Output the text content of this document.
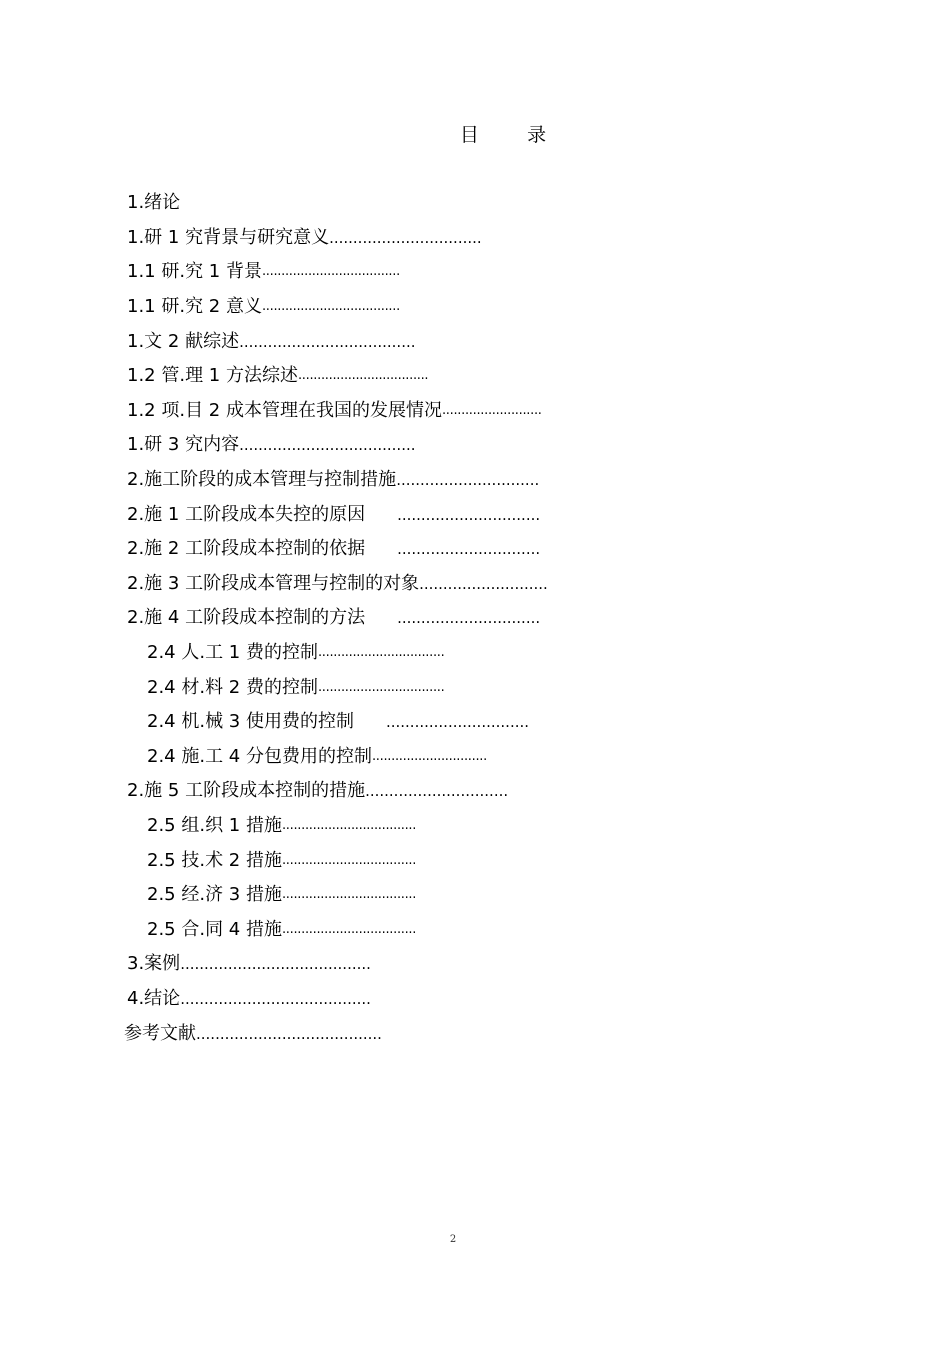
目        录
1.绪论
1.研 1 究背景与研究意义 ................................
1.1 研.究 1 背景 ....................................
1.1 研.究 2 意义 ....................................
1.文 2 献综述 .....................................
1.2 管.理 1 方法综述 ..................................
1.2 项.目 2 成本管理在我国的发展情况 ..........................
1.研 3 究内容 .....................................
2.施工阶段的成本管理与控制措施 ..............................
2.施 1 工阶段成本失控的原因 ..............................
2.施 2 工阶段成本控制的依据 ..............................
2.施 3 工阶段成本管理与控制的对象 ...........................
2.施 4 工阶段成本控制的方法 ..............................
2.4 人.工 1 费的控制 .................................
2.4 材.料 2 费的控制 .................................
2.4 机.械 3 使用费的控制 ..............................
2.4 施.工 4 分包费用的控制 ..............................
2.施 5 工阶段成本控制的措施 ..............................
2.5 组.织 1 措施 ...................................
2.5 技.术 2 措施 ...................................
2.5 经.济 3 措施 ...................................
2.5 合.同 4 措施 ...................................
3.案例 ........................................
4.结论 ........................................
参考文献 .......................................
2
